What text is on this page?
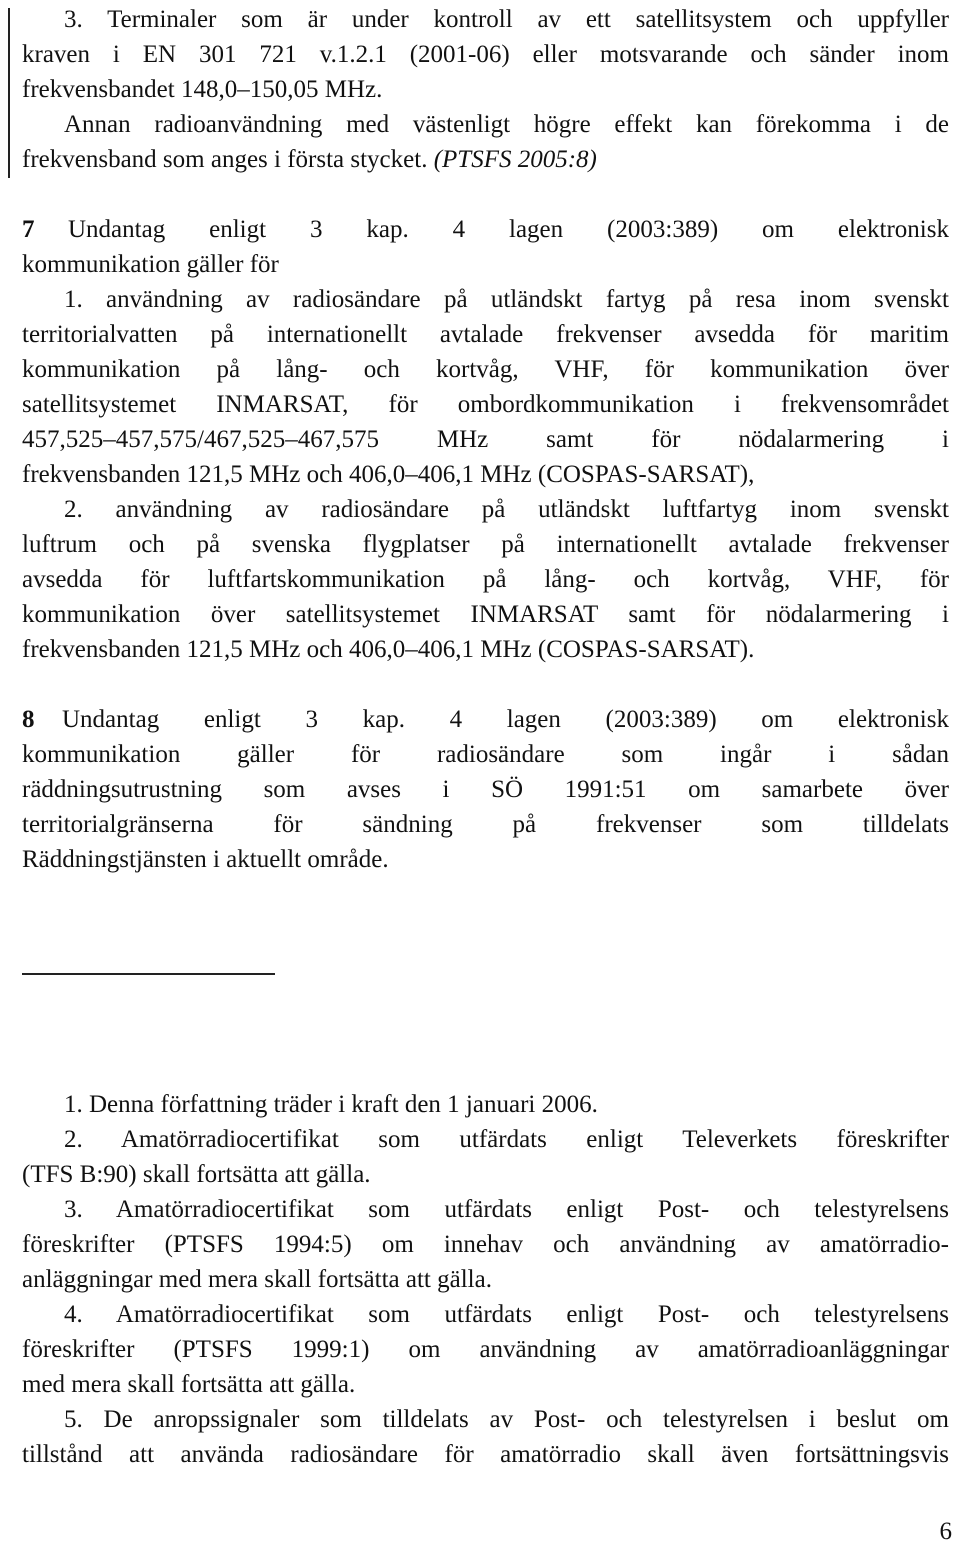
3. Terminaler som är under kontroll av ett satellitsystem och uppfyller
kraven i EN 301 721 v.1.2.1 (2001-06) eller motsvarande och sänder inom
frekvensbandet 148,0–150,05 MHz.
Annan radioanvändning med västenligt högre effekt kan förekomma i de
frekvensband som anges i första stycket. (PTSFS 2005:8)
7	Undantag enligt 3 kap. 4 lagen (2003:389) om elektronisk
kommunikation gäller för
1. användning av radiosändare på utländskt fartyg på resa inom svenskt
territorialvatten på internationellt avtalade frekvenser avsedda för maritim
kommunikation på lång- och kortvåg, VHF, för kommunikation över
satellitsystemet INMARSAT, för ombordkommunikation i frekvensområdet
457,525–457,575/467,525–467,575 MHz samt för nödalarmering i
frekvensbanden 121,5 MHz och 406,0–406,1 MHz (COSPAS-SARSAT),
2. användning av radiosändare på utländskt luftfartyg inom svenskt
luftrum och på svenska flygplatser på internationellt avtalade frekvenser
avsedda för luftfartskommunikation på lång- och kortvåg, VHF, för
kommunikation över satellitsystemet INMARSAT samt för nödalarmering i
frekvensbanden 121,5 MHz och 406,0–406,1 MHz (COSPAS-SARSAT).
8	Undantag enligt 3 kap. 4 lagen (2003:389) om elektronisk
kommunikation gäller för radiosändare som ingår i sådan
räddningsutrustning som avses i SÖ 1991:51 om samarbete över
territorialgränserna för sändning på frekvenser som tilldelats
Räddningstjänsten i aktuellt område.
1. Denna författning träder i kraft den 1 januari 2006.
2. Amatörradiocertifikat som utfärdats enligt Televerkets föreskrifter
(TFS B:90) skall fortsätta att gälla.
3. Amatörradiocertifikat som utfärdats enligt Post- och telestyrelsens
föreskrifter (PTSFS 1994:5) om innehav och användning av amatörradio-
anläggningar med mera skall fortsätta att gälla.
4. Amatörradiocertifikat som utfärdats enligt Post- och telestyrelsens
föreskrifter (PTSFS 1999:1) om användning av amatörradioanläggningar
med mera skall fortsätta att gälla.
5. De anropssignaler som tilldelats av Post- och telestyrelsen i beslut om
tillstånd att använda radiosändare för amatörradio skall även fortsättningsvis
6
